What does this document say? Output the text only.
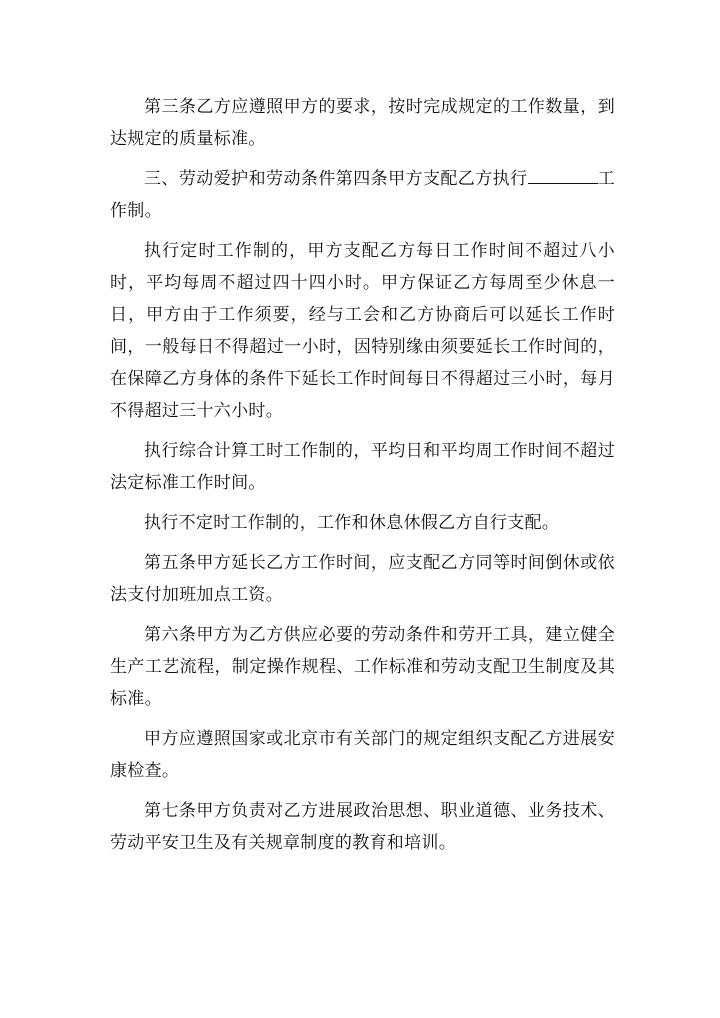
第三条乙方应遵照甲方的要求，按时完成规定的工作数量，到达规定的质量标准。

三、劳动爱护和劳动条件第四条甲方支配乙方执行	工作制。

执行定时工作制的，甲方支配乙方每日工作时间不超过八小时，平均每周不超过四十四小时。甲方保证乙方每周至少休息一日，甲方由于工作须要，经与工会和乙方协商后可以延长工作时间，一般每日不得超过一小时，因特别缘由须要延长工作时间的，在保障乙方身体的条件下延长工作时间每日不得超过三小时，每月不得超过三十六小时。

执行综合计算工时工作制的，平均日和平均周工作时间不超过法定标准工作时间。

执行不定时工作制的，工作和休息休假乙方自行支配。

第五条甲方延长乙方工作时间，应支配乙方同等时间倒休或依法支付加班加点工资。

第六条甲方为乙方供应必要的劳动条件和劳开工具，建立健全生产工艺流程，制定操作规程、工作标准和劳动支配卫生制度及其标准。

甲方应遵照国家或北京市有关部门的规定组织支配乙方进展安康检查。

第七条甲方负责对乙方进展政治思想、职业道德、业务技术、劳动平安卫生及有关规章制度的教育和培训。
